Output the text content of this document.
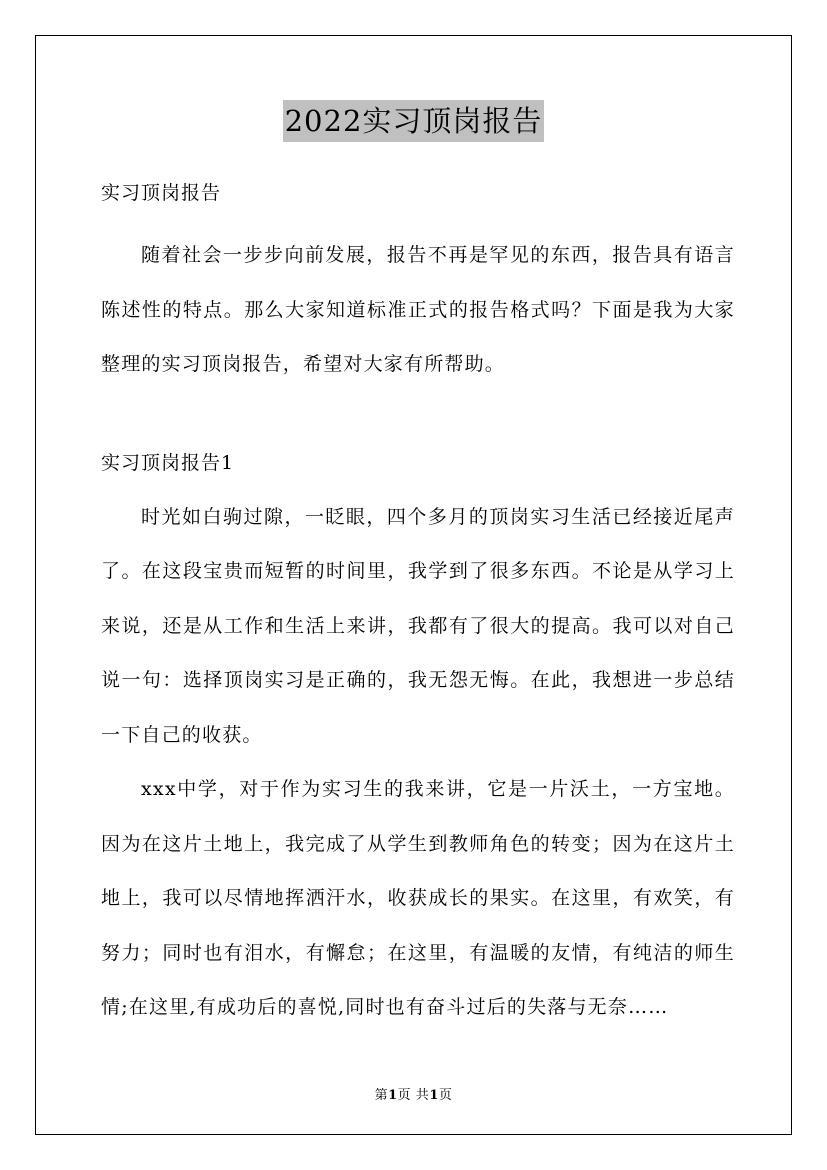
2022实习顶岗报告

实习顶岗报告

随着社会一步步向前发展，报告不再是罕见的东西，报告具有语言陈述性的特点。那么大家知道标准正式的报告格式吗？下面是我为大家整理的实习顶岗报告，希望对大家有所帮助。

实习顶岗报告1

时光如白驹过隙，一眨眼，四个多月的顶岗实习生活已经接近尾声了。在这段宝贵而短暂的时间里，我学到了很多东西。不论是从学习上来说，还是从工作和生活上来讲，我都有了很大的提高。我可以对自己说一句：选择顶岗实习是正确的，我无怨无悔。在此，我想进一步总结一下自己的收获。

xxx中学，对于作为实习生的我来讲，它是一片沃土，一方宝地。因为在这片土地上，我完成了从学生到教师角色的转变；因为在这片土地上，我可以尽情地挥洒汗水，收获成长的果实。在这里，有欢笑，有努力；同时也有泪水，有懈怠；在这里，有温暖的友情，有纯洁的师生情;在这里,有成功后的喜悦,同时也有奋斗过后的失落与无奈……

第1页 共1页
